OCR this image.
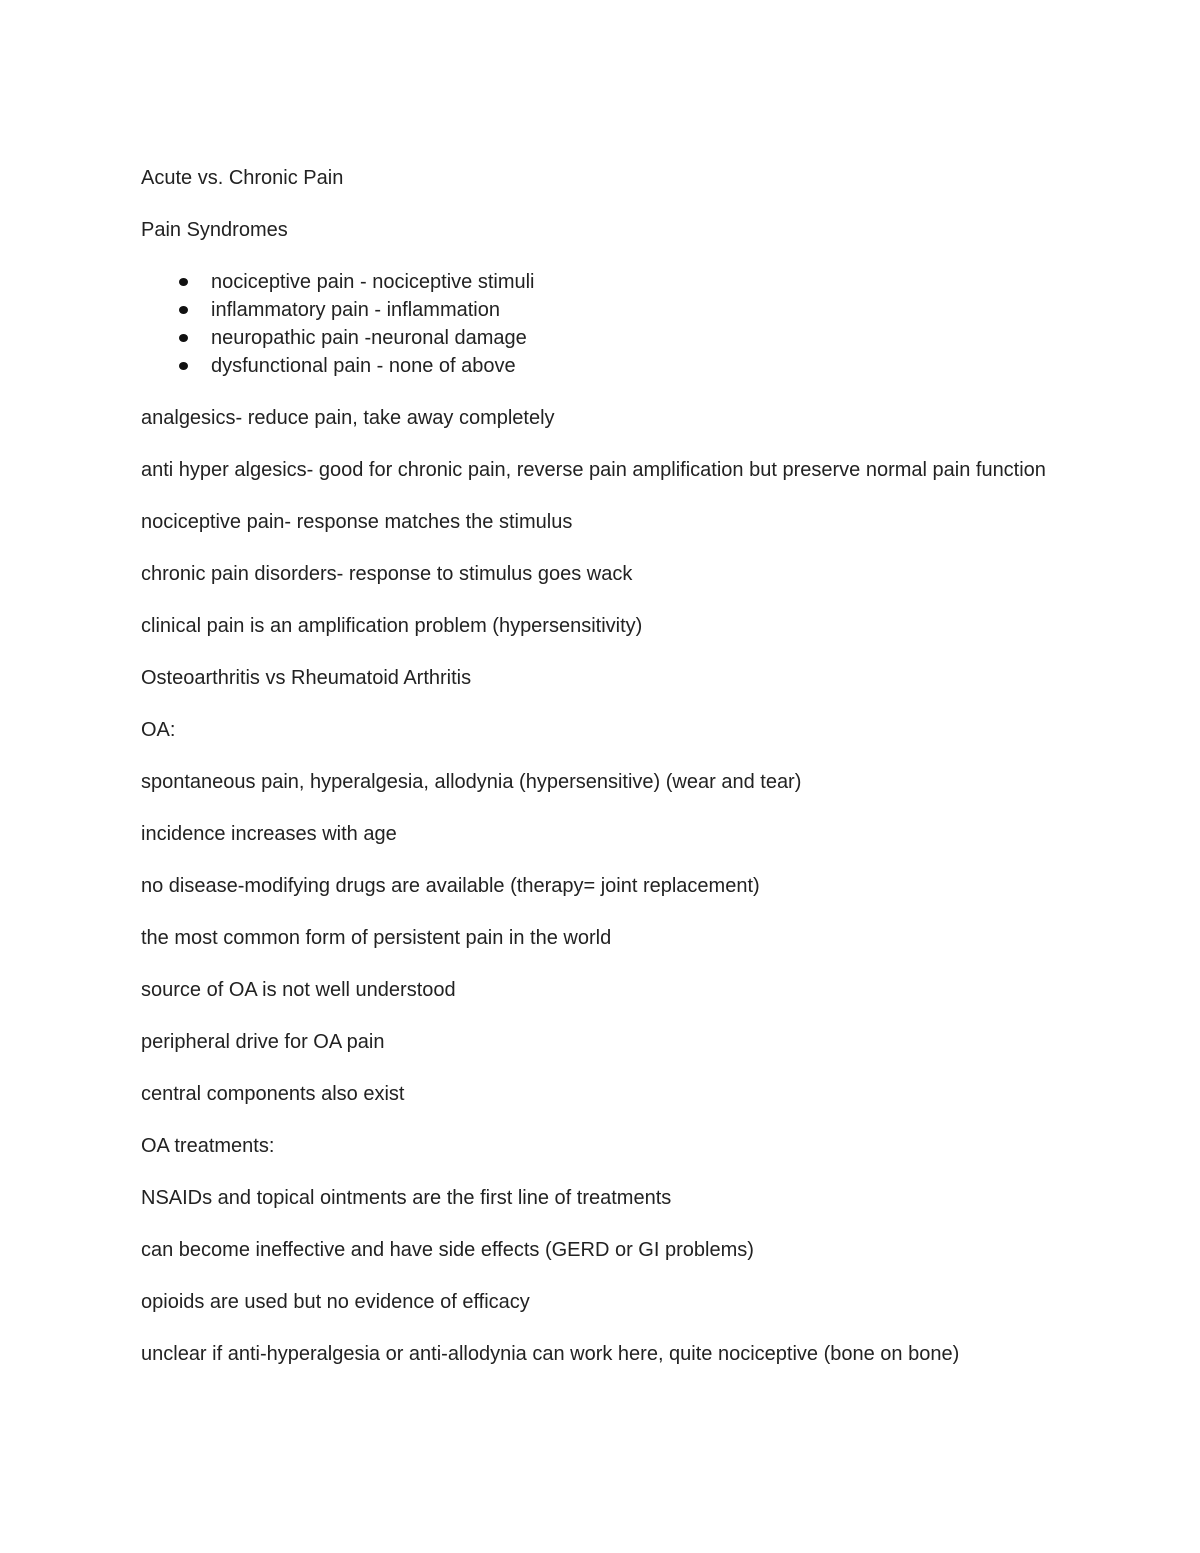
Acute vs. Chronic Pain

Pain Syndromes

nociceptive pain - nociceptive stimuli
inflammatory pain - inflammation
neuropathic pain -neuronal damage
dysfunctional pain - none of above

analgesics- reduce pain, take away completely

anti hyper algesics- good for chronic pain, reverse pain amplification but preserve normal pain function

nociceptive pain- response matches the stimulus

chronic pain disorders- response to stimulus goes wack

clinical pain is an amplification problem (hypersensitivity)

Osteoarthritis vs Rheumatoid Arthritis

OA:

spontaneous pain, hyperalgesia, allodynia (hypersensitive) (wear and tear)

incidence increases with age

no disease-modifying drugs are available (therapy= joint replacement)

the most common form of persistent pain in the world

source of OA is not well understood

peripheral drive for OA pain

central components also exist

OA treatments:

NSAIDs and topical ointments are the first line of treatments

can become ineffective and have side effects (GERD or GI problems)

opioids are used but no evidence of efficacy

unclear if anti-hyperalgesia or anti-allodynia can work here, quite nociceptive (bone on bone)
